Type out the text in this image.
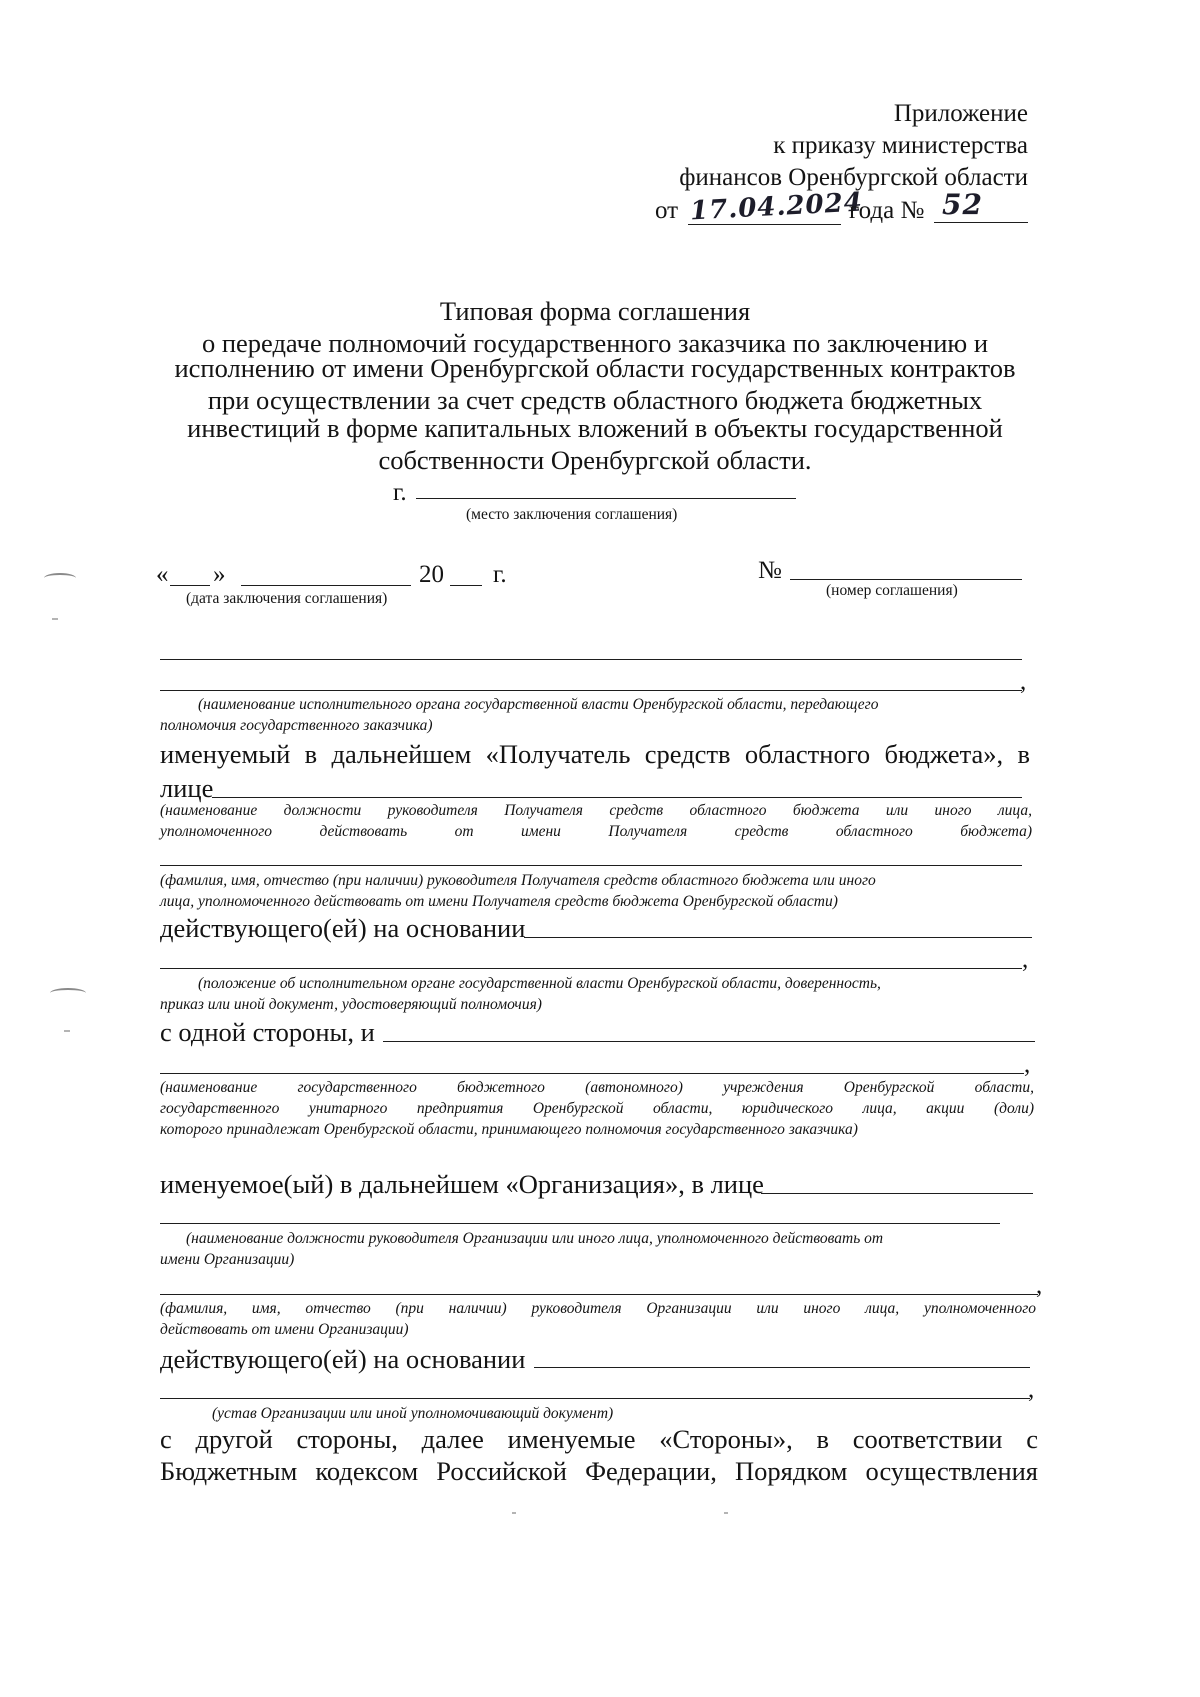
Приложение
к приказу министерства
финансов Оренбургской области
от 17.04.2024
года № 52
Типовая форма соглашения
о передаче полномочий государственного заказчика по заключению и
исполнению от имени Оренбургской области государственных контрактов
при осуществлении за счет средств областного бюджета бюджетных
инвестиций в форме капитальных вложений в объекты государственной
собственности Оренбургской области.
г.
(место заключения соглашения)
« »	20 г.
(дата заключения соглашения)
№
(номер соглашения)
,
(наименование исполнительного органа государственной власти Оренбургской области, передающего
полномочия государственного заказчика)
именуемый в дальнейшем «Получатель средств областного бюджета», в
лице
(наименование должности руководителя Получателя средств областного бюджета или иного лица,
уполномоченного действовать от имени Получателя средств областного бюджета)
(фамилия, имя, отчество (при наличии) руководителя Получателя средств областного бюджета или иного
лица, уполномоченного действовать от имени Получателя средств бюджета Оренбургской области)
действующего(ей) на основании
,
(положение об исполнительном органе государственной власти Оренбургской области, доверенность,
приказ или иной документ, удостоверяющий полномочия)
с одной стороны, и
,
(наименование государственного бюджетного (автономного) учреждения Оренбургской области,
государственного унитарного предприятия Оренбургской области, юридического лица, акции (доли)
которого принадлежат Оренбургской области, принимающего полномочия государственного заказчика)
именуемое(ый) в дальнейшем «Организация», в лице
(наименование должности руководителя Организации или иного лица, уполномоченного действовать от
имени Организации)
,
(фамилия, имя, отчество (при наличии) руководителя Организации или иного лица, уполномоченного
действовать от имени Организации)
действующего(ей) на основании
,
(устав Организации или иной уполномочивающий документ)
с другой стороны, далее именуемые «Стороны», в соответствии с
Бюджетным кодексом Российской Федерации, Порядком осуществления
